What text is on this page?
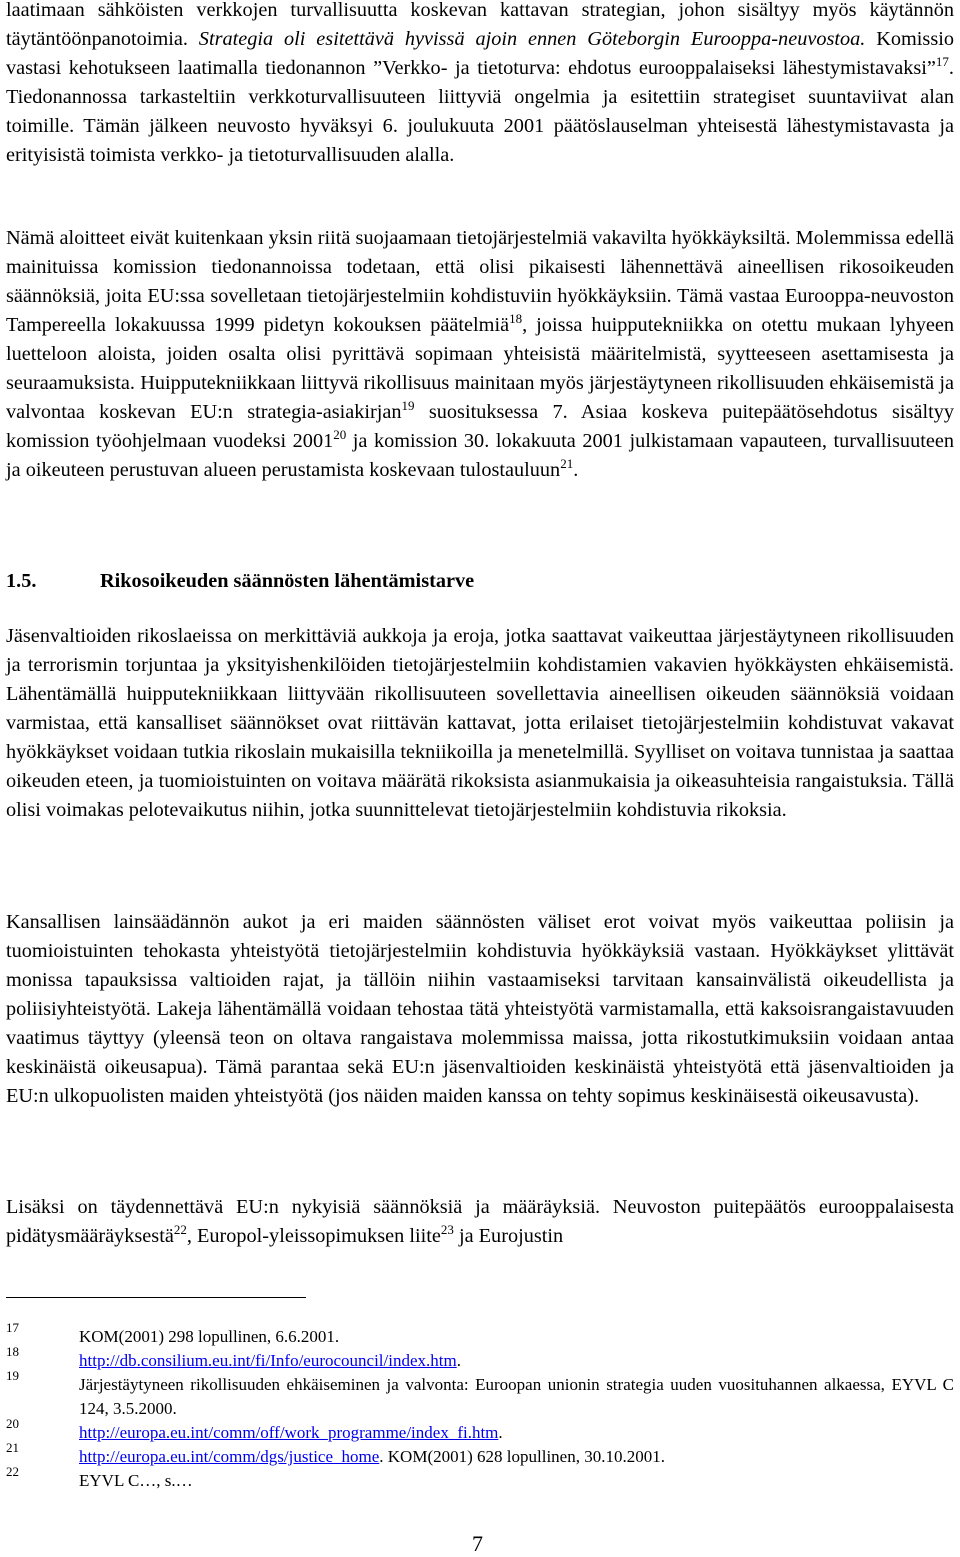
laatimaan sähköisten verkkojen turvallisuutta koskevan kattavan strategian, johon sisältyy myös käytännön täytäntöönpanotoimia. Strategia oli esitettävä hyvissä ajoin ennen Göteborgin Eurooppa-neuvostoa. Komissio vastasi kehotukseen laatimalla tiedonannon ”Verkko- ja tietoturva: ehdotus eurooppalaiseksi lähestymistavaksi”$^{17}$. Tiedonannossa tarkasteltiin verkkoturvallisuuteen liittyviä ongelmia ja esitettiin strategiset suuntaviivat alan toimille. Tämän jälkeen neuvosto hyväksyi 6. joulukuuta 2001 päätöslauselman yhteisestä lähestymistavasta ja erityisistä toimista verkko- ja tietoturvallisuuden alalla.

Nämä aloitteet eivät kuitenkaan yksin riitä suojaamaan tietojärjestelmiä vakavilta hyökkäyksiltä. Molemmissa edellä mainituissa komission tiedonannoissa todetaan, että olisi pikaisesti lähennettävä aineellisen rikosoikeuden säännöksiä, joita EU:ssa sovelletaan tietojärjestelmiin kohdistuviin hyökkäyksiin. Tämä vastaa Eurooppa-neuvoston Tampereella lokakuussa 1999 pidetyn kokouksen päätelmiä$^{18}$, joissa huipputekniikka on otettu mukaan lyhyeen luetteloon aloista, joiden osalta olisi pyrittävä sopimaan yhteisistä määritelmistä, syytteeseen asettamisesta ja seuraamuksista. Huipputekniikkaan liittyvä rikollisuus mainitaan myös järjestäytyneen rikollisuuden ehkäisemistä ja valvontaa koskevan EU:n strategia-asiakirjan$^{19}$ suosituksessa 7. Asiaa koskeva puitepäätösehdotus sisältyy komission työohjelmaan vuodeksi 2001$^{20}$ ja komission 30. lokakuuta 2001 julkistamaan vapauteen, turvallisuuteen ja oikeuteen perustuvan alueen perustamista koskevaan tulostauluun$^{21}$.

1.5.	Rikosoikeuden säännösten lähentämistarve

Jäsenvaltioiden rikoslaeissa on merkittäviä aukkoja ja eroja, jotka saattavat vaikeuttaa järjestäytyneen rikollisuuden ja terrorismin torjuntaa ja yksityishenkilöiden tietojärjestelmiin kohdistamien vakavien hyökkäysten ehkäisemistä. Lähentämällä huipputekniikkaan liittyvään rikollisuuteen sovellettavia aineellisen oikeuden säännöksiä voidaan varmistaa, että kansalliset säännökset ovat riittävän kattavat, jotta erilaiset tietojärjestelmiin kohdistuvat vakavat hyökkäykset voidaan tutkia rikoslain mukaisilla tekniikoilla ja menetelmillä. Syylliset on voitava tunnistaa ja saattaa oikeuden eteen, ja tuomioistuinten on voitava määrätä rikoksista asianmukaisia ja oikeasuhteisia rangaistuksia. Tällä olisi voimakas pelotevaikutus niihin, jotka suunnittelevat tietojärjestelmiin kohdistuvia rikoksia.

Kansallisen lainsäädännön aukot ja eri maiden säännösten väliset erot voivat myös vaikeuttaa poliisin ja tuomioistuinten tehokasta yhteistyötä tietojärjestelmiin kohdistuvia hyökkäyksiä vastaan. Hyökkäykset ylittävät monissa tapauksissa valtioiden rajat, ja tällöin niihin vastaamiseksi tarvitaan kansainvälistä oikeudellista ja poliisiyhteistyötä. Lakeja lähentämällä voidaan tehostaa tätä yhteistyötä varmistamalla, että kaksoisrangaistavuuden vaatimus täyttyy (yleensä teon on oltava rangaistava molemmissa maissa, jotta rikostutkimuksiin voidaan antaa keskinäistä oikeusapua). Tämä parantaa sekä EU:n jäsenvaltioiden keskinäistä yhteistyötä että jäsenvaltioiden ja EU:n ulkopuolisten maiden yhteistyötä (jos näiden maiden kanssa on tehty sopimus keskinäisestä oikeusavusta).

Lisäksi on täydennettävä EU:n nykyisiä säännöksiä ja määräyksiä. Neuvoston puitepäätös eurooppalaisesta pidätysmääräyksestä$^{22}$, Europol-yleissopimuksen liite$^{23}$ ja Eurojustin

17	KOM(2001) 298 lopullinen, 6.6.2001.
18	http://db.consilium.eu.int/fi/Info/eurocouncil/index.htm.
19	Järjestäytyneen rikollisuuden ehkäiseminen ja valvonta: Euroopan unionin strategia uuden vuosituhannen alkaessa, EYVL C 124, 3.5.2000.
20	http://europa.eu.int/comm/off/work_programme/index_fi.htm.
21	http://europa.eu.int/comm/dgs/justice_home. KOM(2001) 628 lopullinen, 30.10.2001.
22	EYVL C…, s.…
7
